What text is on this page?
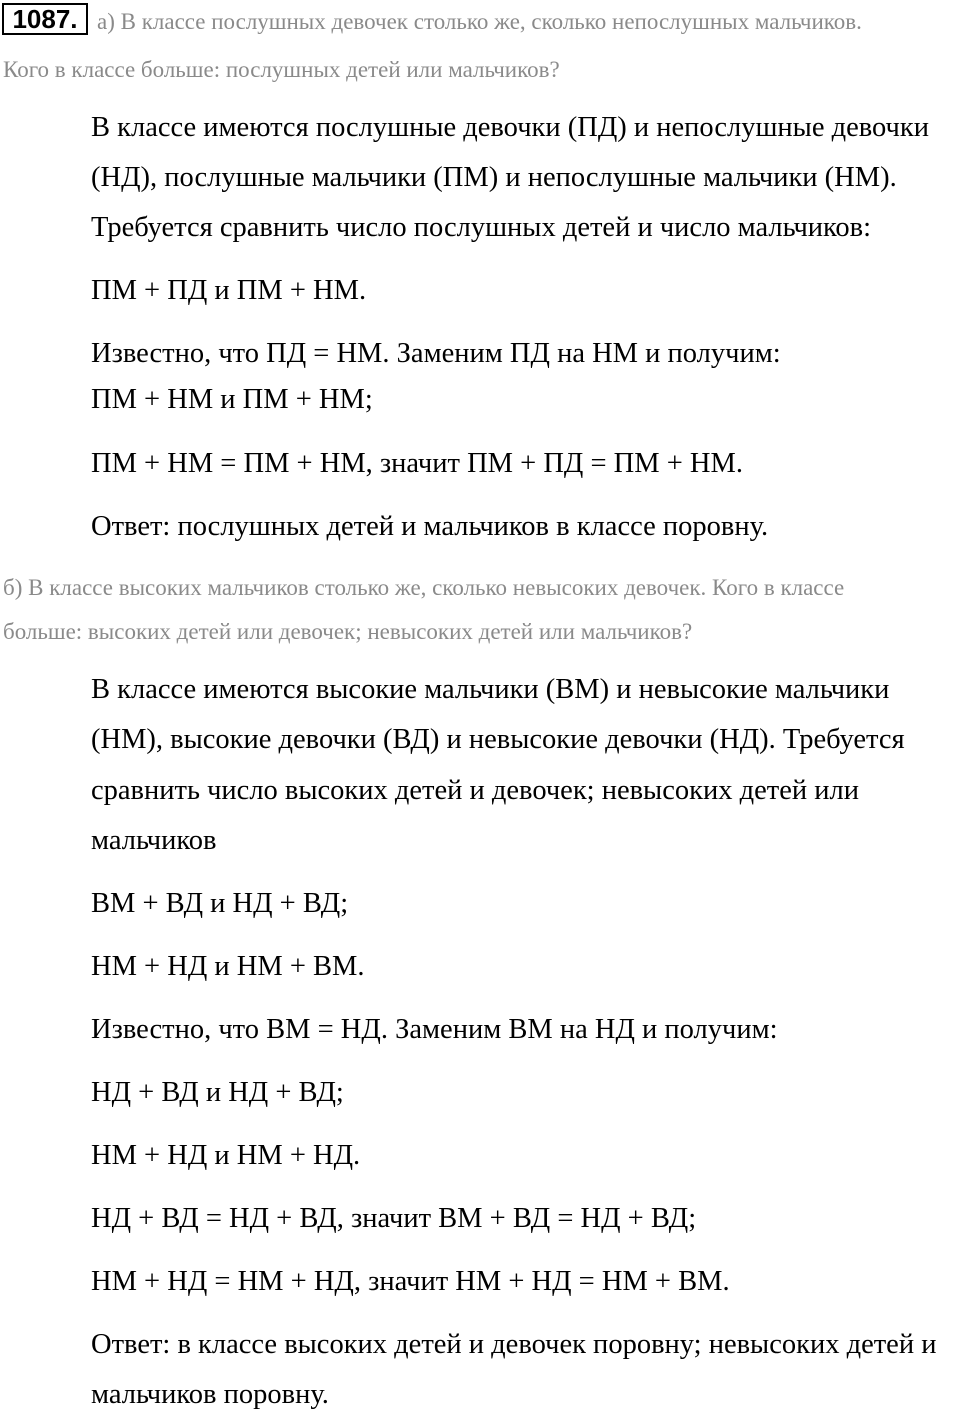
1087. а) В классе послушных девочек столько же, сколько непослушных мальчиков.
Кого в классе больше: послушных детей или мальчиков?
В классе имеются послушные девочки (ПД) и непослушные девочки
(НД), послушные мальчики (ПМ) и непослушные мальчики (НМ).
Требуется сравнить число послушных детей и число мальчиков:
ПМ + ПД и ПМ + НМ.
Известно, что ПД = НМ. Заменим ПД на НМ и получим:
ПМ + НМ и ПМ + НМ;
ПМ + НМ = ПМ + НМ, значит ПМ + ПД = ПМ + НМ.
Ответ: послушных детей и мальчиков в классе поровну.
б) В классе высоких мальчиков столько же, сколько невысоких девочек. Кого в классе
больше: высоких детей или девочек; невысоких детей или мальчиков?
В классе имеются высокие мальчики (ВМ) и невысокие мальчики
(НМ), высокие девочки (ВД) и невысокие девочки (НД). Требуется
сравнить число высоких детей и девочек; невысоких детей или
мальчиков
ВМ + ВД и НД + ВД;
НМ + НД и НМ + ВМ.
Известно, что ВМ = НД. Заменим ВМ на НД и получим:
НД + ВД и НД + ВД;
НМ + НД и НМ + НД.
НД + ВД = НД + ВД, значит ВМ + ВД = НД + ВД;
НМ + НД = НМ + НД, значит НМ + НД = НМ + ВМ.
Ответ: в классе высоких детей и девочек поровну; невысоких детей и
мальчиков поровну.
